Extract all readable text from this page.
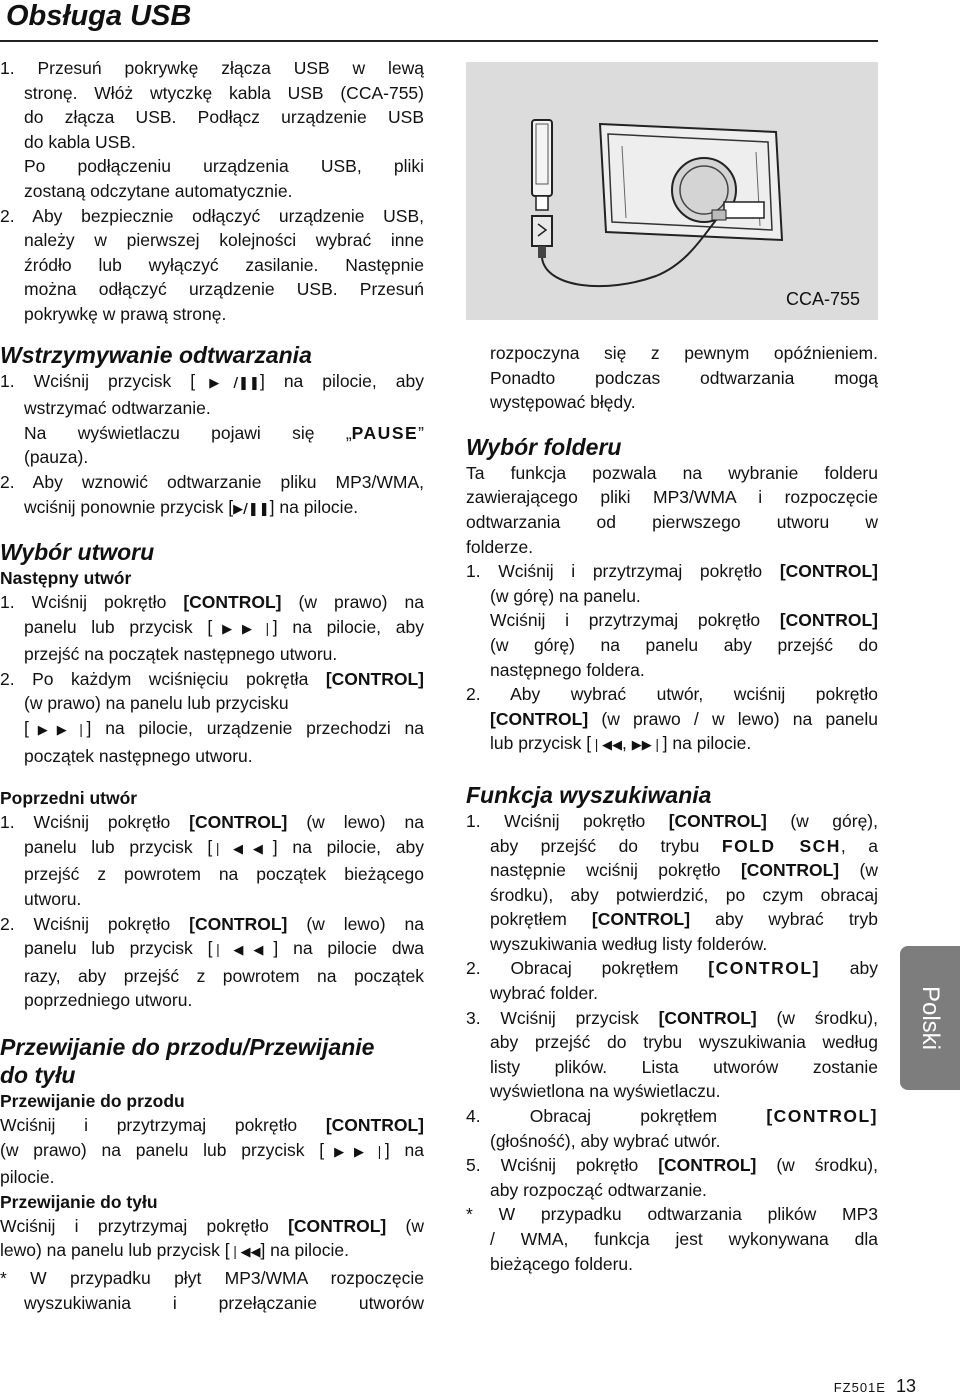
Obsługa USB

1. Przesuń pokrywkę złącza USB w lewą

stronę. Włóż wtyczkę kabla USB (CCA-755)

do złącza USB. Podłącz urządzenie USB

do kabla USB.

Po podłączeniu urządzenia USB, pliki

zostaną odczytane automatycznie.

2. Aby bezpiecznie odłączyć urządzenie USB,

należy w pierwszej kolejności wybrać inne

źródło lub wyłączyć zasilanie. Następnie

można odłączyć urządzenie USB. Przesuń

pokrywkę w prawą stronę.

Wstrzymywanie odtwarzania

1. Wciśnij przycisk [▶/❚❚] na pilocie, aby

wstrzymać odtwarzanie.

Na wyświetlaczu pojawi się „PAUSE”

(pauza).

2. Aby wznowić odtwarzanie pliku MP3/WMA,

wciśnij ponownie przycisk [▶/❚❚] na pilocie.

Wybór utworu
Następny utwór

1. Wciśnij pokrętło [CONTROL] (w prawo) na

panelu lub przycisk [▶▶❘] na pilocie, aby

przejść na początek następnego utworu.

2. Po każdym wciśnięciu pokrętła [CONTROL]

(w prawo) na panelu lub przycisku

[▶▶❘] na pilocie, urządzenie przechodzi na

początek następnego utworu.

Poprzedni utwór

1. Wciśnij pokrętło [CONTROL] (w lewo) na

panelu lub przycisk [❘◀◀] na pilocie, aby

przejść z powrotem na początek bieżącego

utworu.

2. Wciśnij pokrętło [CONTROL] (w lewo) na

panelu lub przycisk [❘◀◀] na pilocie dwa

razy, aby przejść z powrotem na początek

poprzedniego utworu.

Przewijanie do przodu/Przewijanie
do tyłu
Przewijanie do przodu

Wciśnij i przytrzymaj pokrętło [CONTROL]

(w prawo) na panelu lub przycisk [▶▶❘] na

pilocie.

Przewijanie do tyłu

Wciśnij i przytrzymaj pokrętło [CONTROL] (w

lewo) na panelu lub przycisk [❘◀◀] na pilocie.

* W przypadku płyt MP3/WMA rozpoczęcie

wyszukiwania i przełączanie utworów

CCA-755

rozpoczyna się z pewnym opóźnieniem.

Ponadto podczas odtwarzania mogą

występować błędy.

Wybór folderu

Ta funkcja pozwala na wybranie folderu

zawierającego pliki MP3/WMA i rozpoczęcie

odtwarzania od pierwszego utworu w

folderze.

1. Wciśnij i przytrzymaj pokrętło [CONTROL]

(w górę) na panelu.

Wciśnij i przytrzymaj pokrętło [CONTROL]

(w górę) na panelu aby przejść do

następnego foldera.

2. Aby wybrać utwór, wciśnij pokrętło

[CONTROL] (w prawo / w lewo) na panelu

lub przycisk [❘◀◀, ▶▶❘] na pilocie.

Funkcja wyszukiwania

1. Wciśnij pokrętło [CONTROL] (w górę),

aby przejść do trybu FOLD SCH, a

następnie wciśnij pokrętło [CONTROL] (w

środku), aby potwierdzić, po czym obracaj

pokrętłem [CONTROL] aby wybrać tryb

wyszukiwania według listy folderów.

2. Obracaj pokrętłem [CONTROL] aby

wybrać folder.

3. Wciśnij przycisk [CONTROL] (w środku),

aby przejść do trybu wyszukiwania według

listy plików. Lista utworów zostanie

wyświetlona na wyświetlaczu.

4. Obracaj pokrętłem [CONTROL]

(głośność), aby wybrać utwór.

5. Wciśnij pokrętło [CONTROL] (w środku),

aby rozpocząć odtwarzanie.

* W przypadku odtwarzania plików MP3

/ WMA, funkcja jest wykonywana dla

bieżącego folderu.

Polski
FZ501E 13
